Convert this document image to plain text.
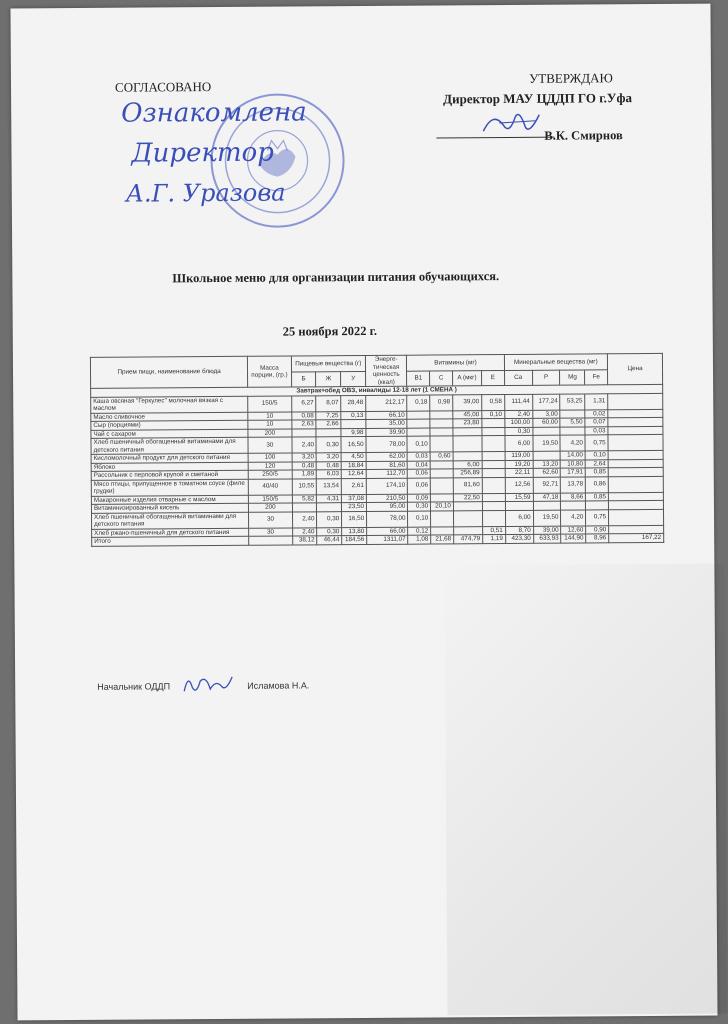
СОГЛАСОВАНО
Ознакомлена
Директор
А.Г. Уразова
УТВЕРЖДАЮ
Директор МАУ ЦДДП ГО г.Уфа
В.К. Смирнов
Школьное меню для организации питания обучающихся.
25 ноября 2022 г.
Прием пищи, наименование блюда	Масса порции, (гр.)	Пищевые вещества (г)			Энерге-тическая ценность (ккал)	Витамины (мг)				Минеральные вещества (мг)				Цена
		Б	Ж	У		B1	C	A (мкг)	E	Ca	P	Mg	Fe	
Завтрак+обед ОВЗ, инвалиды 12-18 лет (1 СМЕНА )														
Каша овсяная "Геркулес" молочная вязкая с маслом	150/5	6,27	8,07	28,48	212,17	0,18	0,98	39,00	0,58	111,44	177,24	53,25	1,31	
Масло сливочное	10	0,08	7,25	0,13	66,10			45,00	0,10	2,40	3,00		0,02	
Сыр (порциями)	10	2,63	2,66		35,00			23,80		100,00	60,00	5,50	0,07	
Чай с сахаром	200			9,98	39,90					0,30			0,03	
Хлеб пшеничный обогащенный витаминами для детского питания	30	2,40	0,30	16,50	78,00	0,10				6,00	19,50	4,20	0,75	
Кисломолочный продукт для детского питания	100	3,20	3,20	4,50	62,00	0,03	0,60			119,00		14,00	0,10	
Яблоко	120	0,48	0,48	18,84	81,60	0,04		6,00		19,20	13,20	10,80	2,64	
Рассольник с перловой крупой и сметаной	250/5	1,89	6,03	12,64	112,70	0,06		256,89		22,11	62,60	17,91	0,85	
Мясо птицы, припущенное в томатном соусе (филе грудки)	40/40	10,55	13,54	2,61	174,10	0,06		81,60		12,56	92,71	13,78	0,86	
Макаронные изделия отварные с маслом	150/5	5,82	4,31	37,08	210,50	0,09		22,50		15,59	47,18	8,66	0,85	
Витаминизированный кисель	200			23,50	95,00	0,30	20,10							
Хлеб пшеничный обогащенный витаминами для детского питания	30	2,40	0,30	16,50	78,00	0,10				6,00	19,50	4,20	0,75	
Хлеб ржано-пшеничный для детского питания	30	2,40	0,30	13,80	66,00	0,12			0,51	8,70	39,00	12,60	0,90	
Итого		38,12	46,44	184,56	1311,07	1,08	21,68	474,79	1,19	423,30	633,93	144,90	8,96	167,22
Начальник ОДДП	Исламова Н.А.
